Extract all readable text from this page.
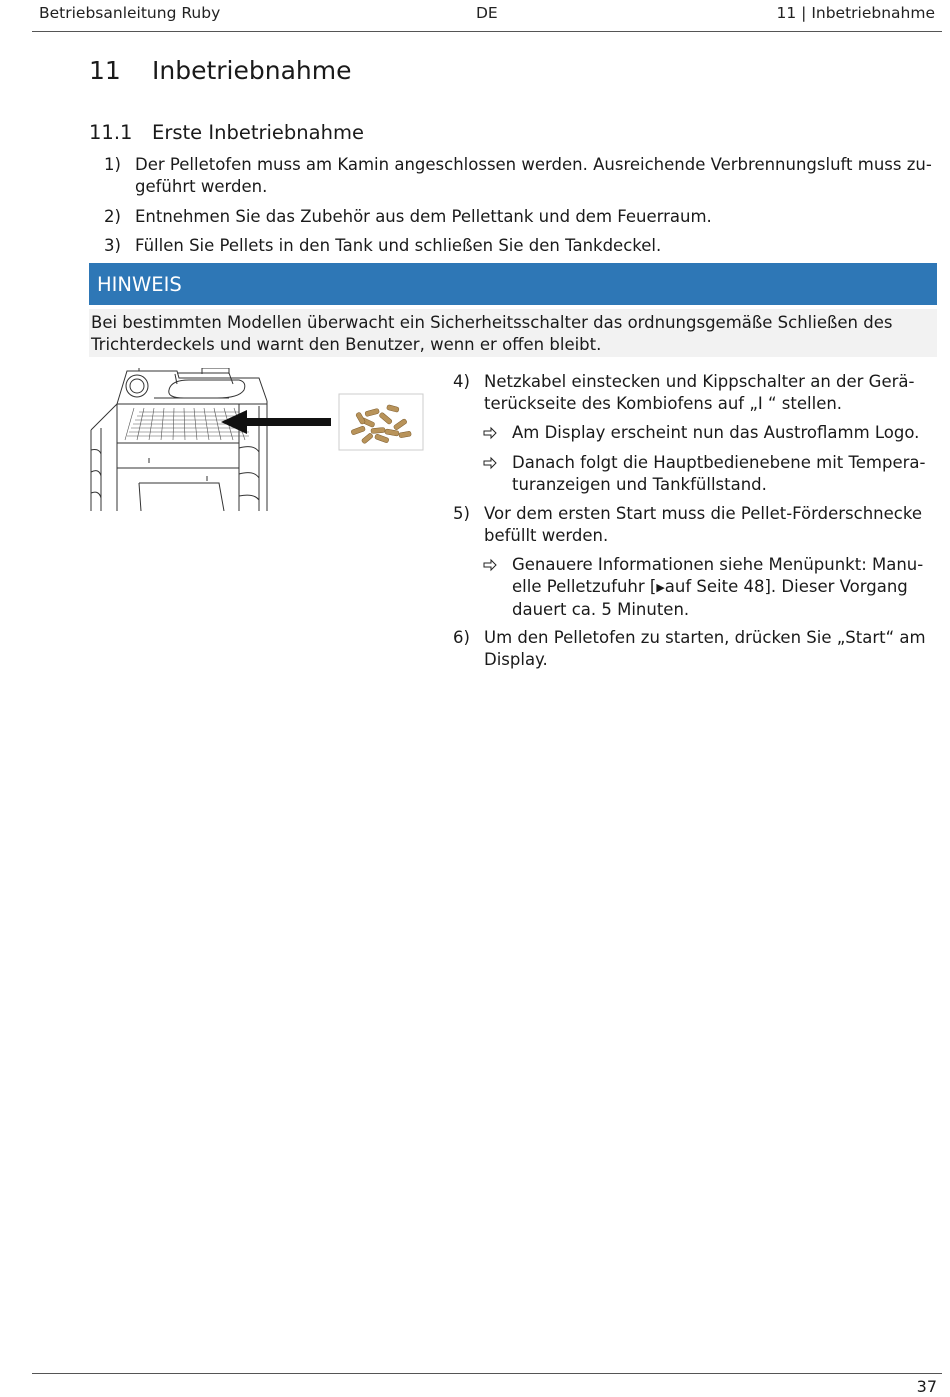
Betriebsanleitung Ruby	DE	11 | Inbetriebnahme
11 Inbetriebnahme
11.1 Erste Inbetriebnahme
1) Der Pelletofen muss am Kamin angeschlossen werden. Ausreichende Verbrennungsluft muss zugeführt werden.
2) Entnehmen Sie das Zubehör aus dem Pellettank und dem Feuerraum.
3) Füllen Sie Pellets in den Tank und schließen Sie den Tankdeckel.
HINWEIS
Bei bestimmten Modellen überwacht ein Sicherheitsschalter das ordnungsgemäße Schließen des Trichterdeckels und warnt den Benutzer, wenn er offen bleibt.
4) Netzkabel einstecken und Kippschalter an der Geräterückseite des Kombiofens auf „I “ stellen.
Am Display erscheint nun das Austroflamm Logo.
Danach folgt die Hauptbedienebene mit Temperaturanzeigen und Tankfüllstand.
5) Vor dem ersten Start muss die Pellet-Förderschnecke befüllt werden.
Genauere Informationen siehe Menüpunkt: Manuelle Pelletzufuhr [▶auf Seite 48]. Dieser Vorgang dauert ca. 5 Minuten.
6) Um den Pelletofen zu starten, drücken Sie „Start“ am Display.
37
